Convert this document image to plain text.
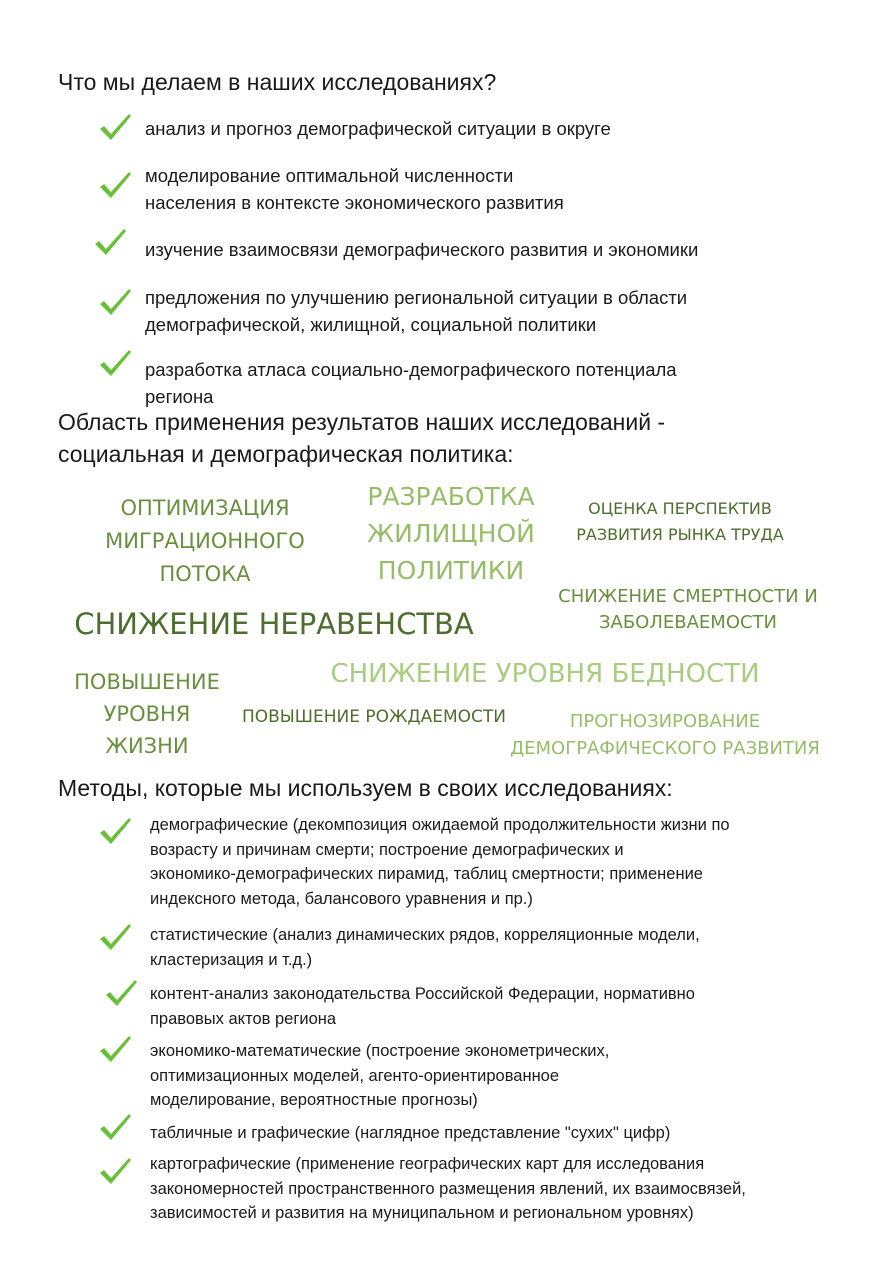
Что мы делаем в наших исследованиях?
анализ и прогноз демографической ситуации в округе
моделирование оптимальной численности
населения в контексте экономического развития
изучение взаимосвязи демографического развития и экономики
предложения по улучшению региональной ситуации в области
демографической, жилищной, социальной политики
разработка атласа социально-демографического потенциала
региона
Область применения результатов наших исследований -
социальная и демографическая политика:
ОПТИМИЗАЦИЯ
МИГРАЦИОННОГО
ПОТОКА
РАЗРАБОТКА
ЖИЛИЩНОЙ
ПОЛИТИКИ
ОЦЕНКА ПЕРСПЕКТИВ
РАЗВИТИЯ РЫНКА ТРУДА
СНИЖЕНИЕ НЕРАВЕНСТВА
СНИЖЕНИЕ СМЕРТНОСТИ И
ЗАБОЛЕВАЕМОСТИ
СНИЖЕНИЕ УРОВНЯ БЕДНОСТИ
ПОВЫШЕНИЕ
УРОВНЯ
ЖИЗНИ
ПОВЫШЕНИЕ РОЖДАЕМОСТИ	ПРОГНОЗИРОВАНИЕ
ДЕМОГРАФИЧЕСКОГО РАЗВИТИЯ
Методы, которые мы используем в своих исследованиях:
демографические (декомпозиция ожидаемой продолжительности жизни по
возрасту и причинам смерти; построение демографических и
экономико-демографических пирамид, таблиц смертности; применение
индексного метода, балансового уравнения и пр.)
статистические (анализ динамических рядов, корреляционные модели,
кластеризация и т.д.)
контент-анализ законодательства Российской Федерации, нормативно
правовых актов региона
экономико-математические (построение эконометрических,
оптимизационных моделей, агенто-ориентированное
моделирование, вероятностные прогнозы)
табличные и графические (наглядное представление "сухих" цифр)
картографические (применение географических карт для исследования
закономерностей пространственного размещения явлений, их взаимосвязей,
зависимостей и развития на муниципальном и региональном уровнях)
